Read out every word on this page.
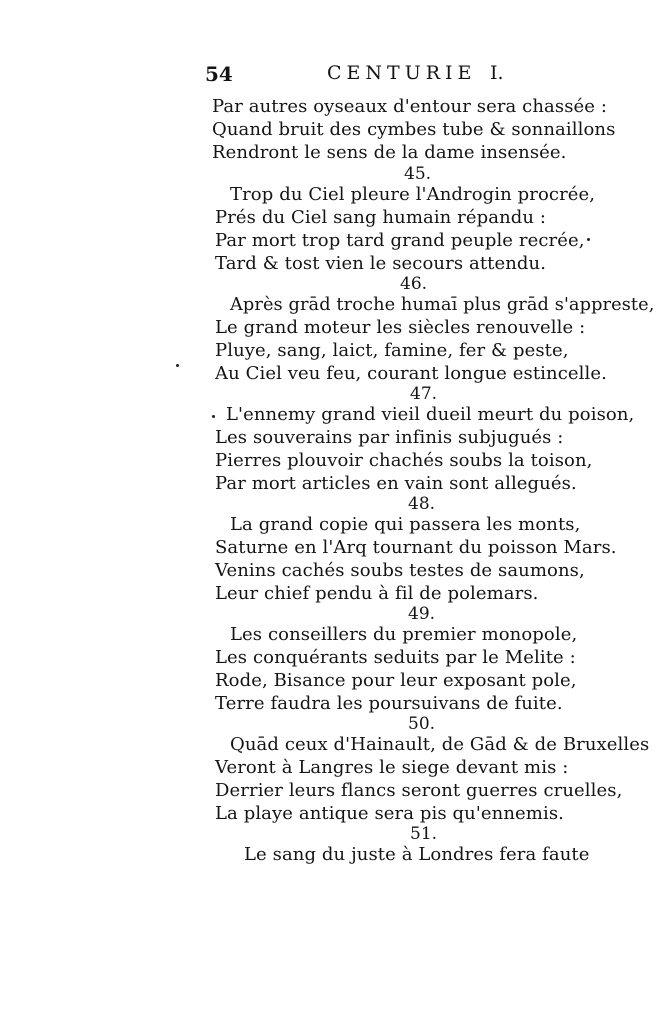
54	CENTURIE I.
Par autres oyseaux d'entour sera chassée :
Quand bruit des cymbes tube & sonnaillons
Rendront le sens de la dame insensée.
45.
Trop du Ciel pleure l'Androgin procrée,
Prés du Ciel sang humain répandu :
Par mort trop tard grand peuple recrée,
Tard & tost vien le secours attendu.
46.
Après grād troche humaī plus grād s'appreste,
Le grand moteur les siècles renouvelle :
Pluye, sang, laict, famine, fer & peste,
Au Ciel veu feu, courant longue estincelle.
47.
L'ennemy grand vieil dueil meurt du poison,
Les souverains par infinis subjugués :
Pierres plouvoir chachés soubs la toison,
Par mort articles en vain sont allegués.
48.
La grand copie qui passera les monts,
Saturne en l'Arq tournant du poisson Mars.
Venins cachés soubs testes de saumons,
Leur chief pendu à fil de polemars.
49.
Les conseillers du premier monopole,
Les conquérants seduits par le Melite :
Rode, Bisance pour leur exposant pole,
Terre faudra les poursuivans de fuite.
50.
Quād ceux d'Hainault, de Gād & de Bruxelles
Veront à Langres le siege devant mis :
Derrier leurs flancs seront guerres cruelles,
La playe antique sera pis qu'ennemis.
51.
Le sang du juste à Londres fera faute
